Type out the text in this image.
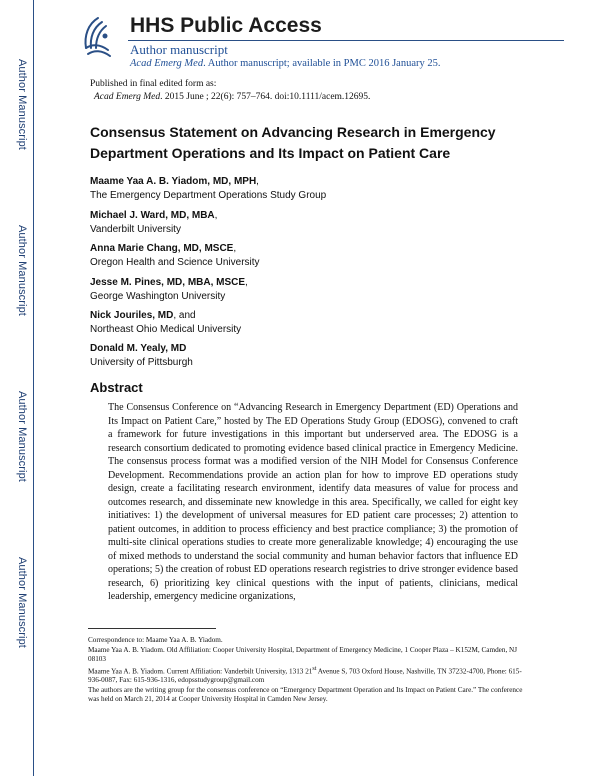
Author Manuscript
Author Manuscript
Author Manuscript
Author Manuscript
HHS Public Access
Author manuscript
Acad Emerg Med. Author manuscript; available in PMC 2016 January 25.
Published in final edited form as:
Acad Emerg Med. 2015 June ; 22(6): 757–764. doi:10.1111/acem.12695.
Consensus Statement on Advancing Research in Emergency Department Operations and Its Impact on Patient Care
Maame Yaa A. B. Yiadom, MD, MPH,
The Emergency Department Operations Study Group
Michael J. Ward, MD, MBA,
Vanderbilt University
Anna Marie Chang, MD, MSCE,
Oregon Health and Science University
Jesse M. Pines, MD, MBA, MSCE,
George Washington University
Nick Jouriles, MD, and
Northeast Ohio Medical University
Donald M. Yealy, MD
University of Pittsburgh
Abstract

The Consensus Conference on “Advancing Research in Emergency Department (ED) Operations and Its Impact on Patient Care,” hosted by The ED Operations Study Group (EDOSG), convened to craft a framework for future investigations in this important but underserved area. The EDOSG is a research consortium dedicated to promoting evidence based clinical practice in Emergency Medicine. The consensus process format was a modified version of the NIH Model for Consensus Conference Development. Recommendations provide an action plan for how to improve ED operations study design, create a facilitating research environment, identify data measures of value for process and outcomes research, and disseminate new knowledge in this area. Specifically, we called for eight key initiatives: 1) the development of universal measures for ED patient care processes; 2) attention to patient outcomes, in addition to process efficiency and best practice compliance; 3) the promotion of multi-site clinical operations studies to create more generalizable knowledge; 4) encouraging the use of mixed methods to understand the social community and human behavior factors that influence ED operations; 5) the creation of robust ED operations research registries to drive stronger evidence based research, 6) prioritizing key clinical questions with the input of patients, clinicians, medical leadership, emergency medicine organizations,

Correspondence to: Maame Yaa A. B. Yiadom.

Maame Yaa A. B. Yiadom. Old Affiliation: Cooper University Hospital, Department of Emergency Medicine, 1 Cooper Plaza – K152M, Camden, NJ 08103

Maame Yaa A. B. Yiadom. Current Affiliation: Vanderbilt University, 1313 21st Avenue S, 703 Oxford House, Nashville, TN 37232-4700, Phone: 615-936-0087, Fax: 615-936-1316, edopsstudygroup@gmail.com

The authors are the writing group for the consensus conference on “Emergency Department Operation and Its Impact on Patient Care.” The conference was held on March 21, 2014 at Cooper University Hospital in Camden New Jersey.
